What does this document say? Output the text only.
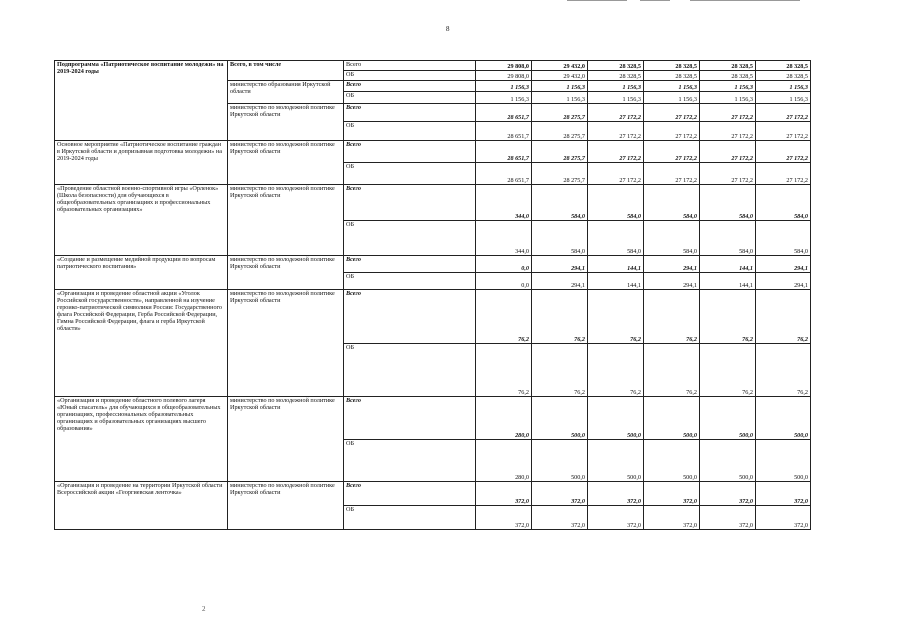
8
Подпрограмма «Патриотическое воспитание молодежи» на 2019-2024 годы	Всего, в том числе	Всего	29 808,0	29 432,0	28 328,5	28 328,5	28 328,5	28 328,5
		ОБ	29 808,0	29 432,0	28 328,5	28 328,5	28 328,5	28 328,5
	министерство образования Иркутской области	Всего	1 156,3	1 156,3	1 156,3	1 156,3	1 156,3	1 156,3
		ОБ	1 156,3	1 156,3	1 156,3	1 156,3	1 156,3	1 156,3
	министерство по молодежной политике Иркутской области	Всего	28 651,7	28 275,7	27 172,2	27 172,2	27 172,2	27 172,2
		ОБ	28 651,7	28 275,7	27 172,2	27 172,2	27 172,2	27 172,2
Основное мероприятие «Патриотическое воспитание граждан в Иркутской области и допризывная подготовка молодежи» на 2019-2024 годы	министерство по молодежной политике Иркутской области	Всего	28 651,7	28 275,7	27 172,2	27 172,2	27 172,2	27 172,2
		ОБ	28 651,7	28 275,7	27 172,2	27 172,2	27 172,2	27 172,2
«Проведение областной военно-спортивной игры «Орленок» (Школа безопасности) для обучающихся в общеобразовательных организациях и профессиональных образовательных организациях»	министерство по молодежной политике Иркутской области	Всего	344,0	584,0	584,0	584,0	584,0	584,0
		ОБ	344,0	584,0	584,0	584,0	584,0	584,0
«Создание и размещение медийной продукции по вопросам патриотического воспитания»	министерство по молодежной политике Иркутской области	Всего	0,0	294,1	144,1	294,1	144,1	294,1
		ОБ	0,0	294,1	144,1	294,1	144,1	294,1
«Организация и проведение областной акции «Уголок Российской государственности», направленной на изучение героико-патриотической символики России: Государственного флага Российской Федерации, Герба Российской Федерации, Гимна Российской Федерации, флага и герба Иркутской области»	министерство по молодежной политике Иркутской области	Всего	76,2	76,2	76,2	76,2	76,2	76,2
		ОБ	76,2	76,2	76,2	76,2	76,2	76,2
«Организация и проведение областного полевого лагеря «Юный спасатель» для обучающихся в общеобразовательных организациях, профессиональных образовательных организациях и образовательных организациях высшего образования»	министерство по молодежной политике Иркутской области	Всего	280,0	500,0	500,0	500,0	500,0	500,0
		ОБ	280,0	500,0	500,0	500,0	500,0	500,0
«Организация и проведение на территории Иркутской области Всероссийской акции «Георгиевская ленточка»	министерство по молодежной политике Иркутской области	Всего	372,0	372,0	372,0	372,0	372,0	372,0
		ОБ	372,0	372,0	372,0	372,0	372,0	372,0
2
